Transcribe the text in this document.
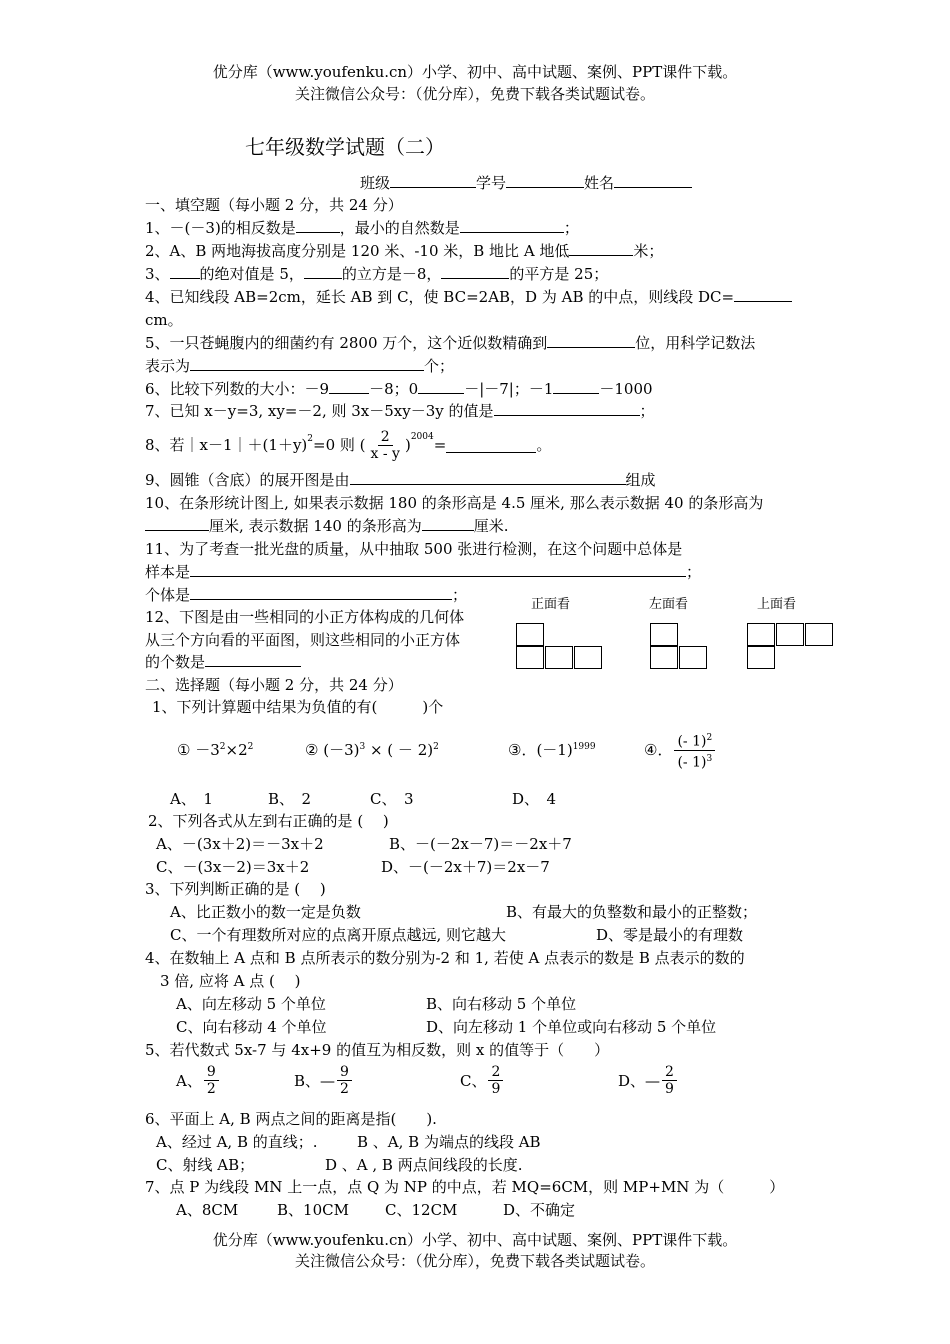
优分库（www.youfenku.cn）小学、初中、高中试题、案例、PPT课件下载。
关注微信公众号：（优分库），免费下载各类试题试卷。
七年级数学试题（二）
班级	学号	姓名
一、填空题（每小题 2 分，共 24 分）
1、－(－3)的相反数是	，最小的自然数是	；
2、A、B 两地海拔高度分别是 120 米、-10 米，B 地比 A 地低	米；
3、 的绝对值是 5，	的立方是－8，	的平方是 25；
4、已知线段 AB=2cm，延长 AB 到 C，使 BC=2AB，D 为 AB 的中点，则线段 DC=
cm。
5、一只苍蝇腹内的细菌约有 2800 万个，这个近似数精确到	位，用科学记数法
表示为	个；
6、比较下列数的大小：－9	－8；0	－|－7|；－1	－1000
7、已知 x－y=3, xy=－2, 则 3x－5xy－3y 的值是	；
8、若$|x-1|+(1+y)^2 =0$ 则 ( $\frac{2}{x - y} )^{2004}$ =	。
9、圆锥（含底）的展开图是由	组成
10、在条形统计图上, 如果表示数据 180 的条形高是 4.5 厘米, 那么表示数据 40 的条形高为
厘米, 表示数据 140 的条形高为	厘米.
11、为了考查一批光盘的质量，从中抽取 500 张进行检测，在这个问题中总体是
样本是	；
个体是	；
12、下图是由一些相同的小正方体构成的几何体
从三个方向看的平面图，则这些相同的小正方体
的个数是
正面看	左面看	上面看
二、选择题（每小题 2 分，共 24 分）
1、下列计算题中结果为负值的有(　　　)个
① $-3^2\times 2^2$	② $(-3)^3$ × ( － 2)$^2$	③．$(-1)^{1999}$	④． $\frac{(- 1)^2}{(- 1)^3}$
A、　1	B、　2	C、　3	D、　4
2、下列各式从左到右正确的是 (　 )
A、－(3x＋2)＝－3x＋2	B、－(－2x－7)＝－2x＋7
C、－(3x－2)＝3x＋2	D、－(－2x＋7)＝2x－7
3、下列判断正确的是 (　 )
A、比正数小的数一定是负数	B、有最大的负整数和最小的正整数；
C、一个有理数所对应的点离开原点越远, 则它越大	D、零是最小的有理数
4、在数轴上 A 点和 B 点所表示的数分别为-2 和 1, 若使 A 点表示的数是 B 点表示的数的
3 倍, 应将 A 点 (　 )
A、向左移动 5 个单位	B、向右移动 5 个单位
C、向右移动 4 个单位	D、向左移动 1 个单位或向右移动 5 个单位
5、若代数式 5x-7 与 4x+9 的值互为相反数，则 x 的值等于（　　）
A、 $\frac{9}{2}$	B、— $\frac{9}{2}$	C、 $\frac{2}{9}$	D、— $\frac{2}{9}$
6、平面上 A, B 两点之间的距离是指(　　).
A、经过 A, B 的直线；.	B 、A, B 为端点的线段 AB
C、射线 AB；	D 、A , B 两点间线段的长度.
7、点 P 为线段 MN 上一点，点 Q 为 NP 的中点，若 MQ=6CM，则 MP+MN 为（　　　）
A、8CM	B、10CM C、12CM	D、不确定
优分库（www.youfenku.cn）小学、初中、高中试题、案例、PPT课件下载。
关注微信公众号：（优分库），免费下载各类试题试卷。
